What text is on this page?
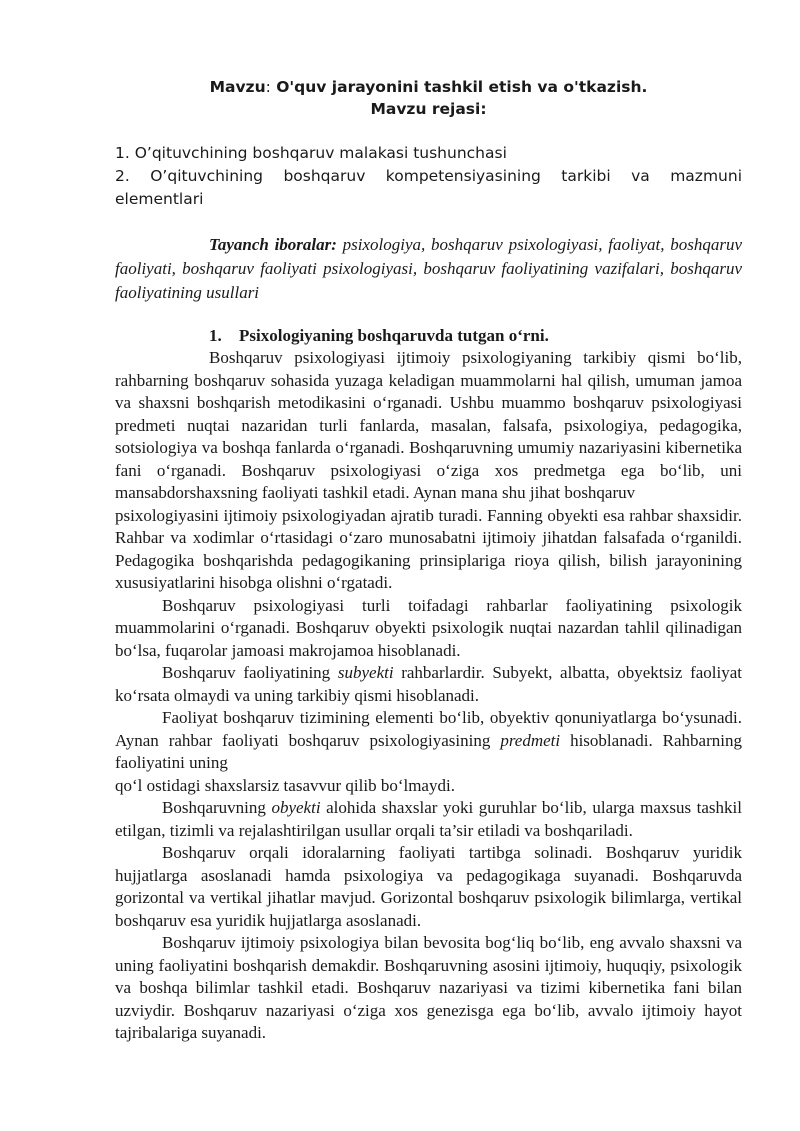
Mavzu: O'quv jarayonini tashkil etish va o'tkazish.
Mavzu rejasi:
1. O’qituvchining boshqaruv malakasi tushunchasi
2. O’qituvchining boshqaruv kompetensiyasining tarkibi va mazmuni elementlari
Tayanch iboralar: psixologiya, boshqaruv psixologiyasi, faoliyat, boshqaruv faoliyati, boshqaruv faoliyati psixologiyasi, boshqaruv faoliyatining vazifalari, boshqaruv faoliyatining usullari
1. Psixologiyaning boshqaruvda tutgan o‘rni.

Boshqaruv psixologiyasi ijtimoiy psixologiyaning tarkibiy qismi bo‘lib, rahbarning boshqaruv sohasida yuzaga keladigan muammolarni hal qilish, umuman jamoa va shaxsni boshqarish metodikasini o‘rganadi. Ushbu muammo boshqaruv psixologiyasi predmeti nuqtai nazaridan turli fanlarda, masalan, falsafa, psixologiya, pedagogika, sotsiologiya va boshqa fanlarda o‘rganadi. Boshqaruvning umumiy nazariyasini kibernetika fani o‘rganadi. Boshqaruv psixologiyasi o‘ziga xos predmetga ega bo‘lib, uni mansabdorshaxsning faoliyati tashkil etadi. Aynan mana shu jihat boshqaruv

psixologiyasini ijtimoiy psixologiyadan ajratib turadi. Fanning obyekti esa rahbar shaxsidir. Rahbar va xodimlar o‘rtasidagi o‘zaro munosabatni ijtimoiy jihatdan falsafada o‘rganildi. Pedagogika boshqarishda pedagogikaning prinsiplariga rioya qilish, bilish jarayonining xususiyatlarini hisobga olishni o‘rgatadi.

Boshqaruv psixologiyasi turli toifadagi rahbarlar faoliyatining psixologik muammolarini o‘rganadi. Boshqaruv obyekti psixologik nuqtai nazardan tahlil qilinadigan bo‘lsa, fuqarolar jamoasi makrojamoa hisoblanadi.

Boshqaruv faoliyatining subyekti rahbarlardir. Subyekt, albatta, obyektsiz faoliyat ko‘rsata olmaydi va uning tarkibiy qismi hisoblanadi.

Faoliyat boshqaruv tizimining elementi bo‘lib, obyektiv qonuniyatlarga bo‘ysunadi. Aynan rahbar faoliyati boshqaruv psixologiyasining predmeti hisoblanadi. Rahbarning faoliyatini uning

qo‘l ostidagi shaxslarsiz tasavvur qilib bo‘lmaydi.

Boshqaruvning obyekti alohida shaxslar yoki guruhlar bo‘lib, ularga maxsus tashkil etilgan, tizimli va rejalashtirilgan usullar orqali ta’sir etiladi va boshqariladi.

Boshqaruv orqali idoralarning faoliyati tartibga solinadi. Boshqaruv yuridik hujjatlarga asoslanadi hamda psixologiya va pedagogikaga suyanadi. Boshqaruvda gorizontal va vertikal jihatlar mavjud. Gorizontal boshqaruv psixologik bilimlarga, vertikal boshqaruv esa yuridik hujjatlarga asoslanadi.

Boshqaruv ijtimoiy psixologiya bilan bevosita bog‘liq bo‘lib, eng avvalo shaxsni va uning faoliyatini boshqarish demakdir. Boshqaruvning asosini ijtimoiy, huquqiy, psixologik va boshqa bilimlar tashkil etadi. Boshqaruv nazariyasi va tizimi kibernetika fani bilan uzviydir. Boshqaruv nazariyasi o‘ziga xos genezisga ega bo‘lib, avvalo ijtimoiy hayot tajribalariga suyanadi.
